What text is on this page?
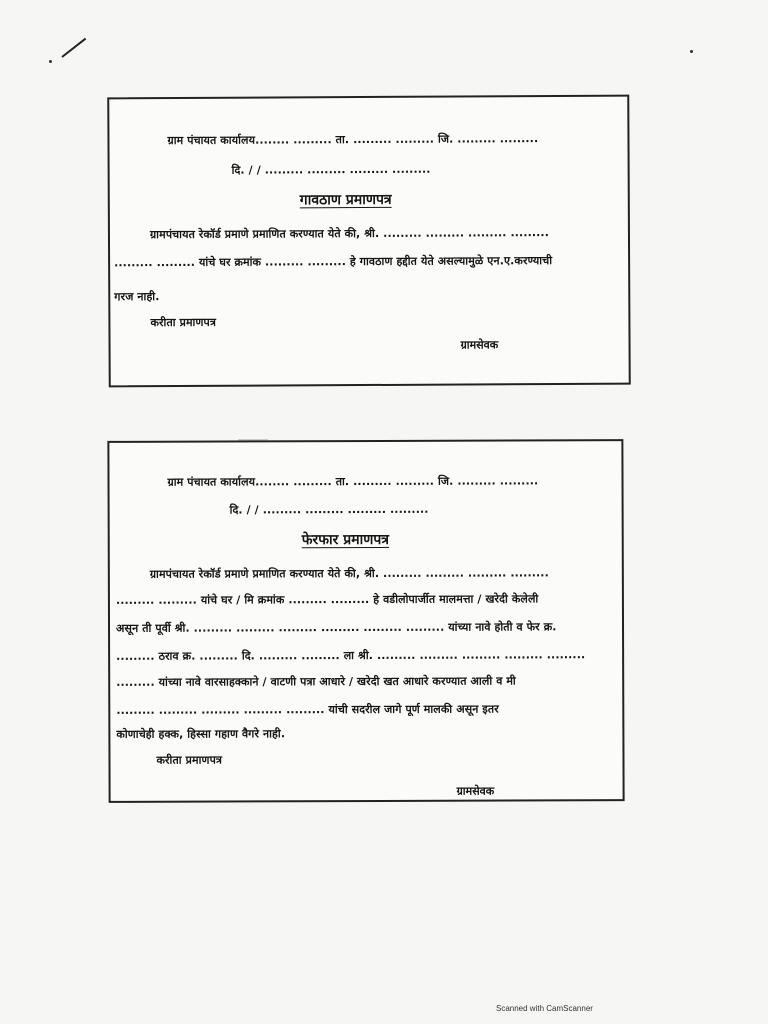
ग्राम पंचायत कार्यालय........ ......... ता. ......... ......... जि. ......... .........
दि. / / ......... ......... ......... .........
गावठाण प्रमाणपत्र
ग्रामपंचायत रेकॉर्ड प्रमाणे प्रमाणित करण्यात येते की, श्री. ......... ......... ......... .........
......... ......... यांचे घर क्रमांक ......... ......... हे गावठाण हद्दीत येते असल्यामुळे एन.ए.करण्याची
गरज नाही.
करीता प्रमाणपत्र
ग्रामसेवक
ग्राम पंचायत कार्यालय........ ......... ता. ......... ......... जि. ......... .........
दि. / / ......... ......... ......... .........
फेरफार प्रमाणपत्र
ग्रामपंचायत रेकॉर्ड प्रमाणे प्रमाणित करण्यात येते की, श्री. ......... ......... ......... .........
......... ......... यांचे घर / मि क्रमांक ......... ......... हे वडीलोपार्जीत मालमत्ता / खरेदी केलेली
असून ती पूर्वी श्री. ......... ......... ......... ......... ......... ......... यांच्या नावे होती व फेर क्र.
......... ठराव क्र. ......... दि. ......... ......... ला श्री. ......... ......... ......... ......... .........
......... यांच्या नावे वारसाहक्काने / वाटणी पत्रा आधारे / खरेदी खत आधारे करण्यात आली व मी
......... ......... ......... ......... ......... यांची सदरील जागे पूर्ण मालकी असून इतर
कोणाचेही हक्क, हिस्सा गहाण वैगरे नाही.
करीता प्रमाणपत्र
ग्रामसेवक
Scanned with CamScanner
